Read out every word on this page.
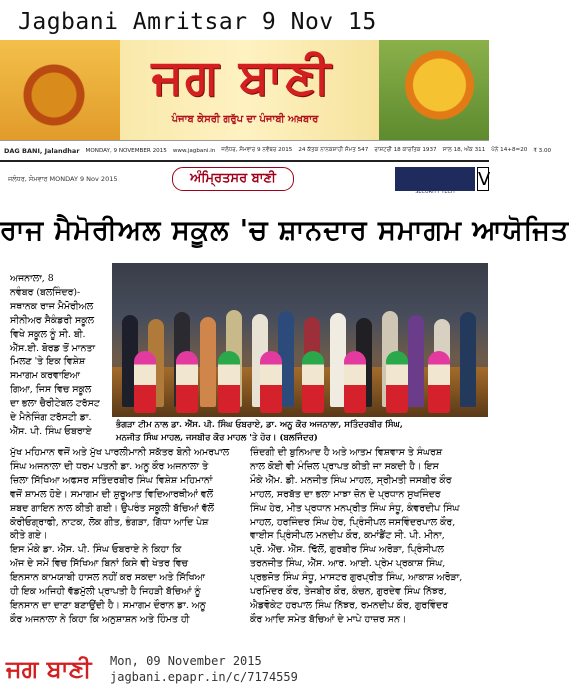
Jagbani Amritsar 9 Nov 15
ਜਗ ਬਾਣੀ
ਪੰਜਾਬ ਕੇਸਰੀ ਗਰੁੱਪ ਦਾ ਪੰਜਾਬੀ ਅਖ਼ਬਾਰ
DAG BANI, Jalandhar MONDAY, 9 NOVEMBER 2015 www.jagbani.in ਜਲੰਧਰ, ਸੋਮਵਾਰ 9 ਨਵੰਬਰ 2015 24 ਕੱਤਕ ਨਾਨਕਸ਼ਾਹੀ ਸੰਮਤ 547 ਰਾਸ਼ਟਰੀ 18 ਕਾਰਤਿਕ 1937 ਸਾਲ 18, ਅੰਕ 311 ਪੰਨੇ 14+8=20 ₹ 3.00
ਜਲੰਧਰ, ਸੋਮਵਾਰ MONDAY 9 Nov 2015	ਅੰਮ੍ਰਿਤਸਰ ਬਾਣੀ
SECURITY TECH
V
ਰਾਜ ਮੈਮੋਰੀਅਲ ਸਕੂਲ 'ਚ ਸ਼ਾਨਦਾਰ ਸਮਾਗਮ ਆਯੋਜਿਤ
ਅਜਨਾਲਾ, 8
ਨਵੰਬਰ (ਬਲਜਿੰਦਰ)-
ਸਥਾਨਕ ਰਾਜ ਮੈਮੋਰੀਅਲ
ਸੀਨੀਅਰ ਸੈਕੰਡਰੀ ਸਕੂਲ
ਵਿਖੇ ਸਕੂਲ ਨੂੰ ਸੀ. ਬੀ.
ਐੱਸ.ਈ. ਬੋਰਡ ਤੋਂ ਮਾਨਤਾ
ਮਿਲਣ 'ਤੇ ਇਕ ਵਿਸ਼ੇਸ਼
ਸਮਾਗਮ ਕਰਵਾਇਆ
ਗਿਆ, ਜਿਸ ਵਿਚ ਸਕੂਲ
ਦਾ ਭਲਾ ਚੈਰੀਟੇਬਲ ਟਰੱਸਟ
ਦੇ ਮੈਨੇਜਿੰਗ ਟਰੱਸਟੀ ਡਾ.
ਐੱਸ. ਪੀ. ਸਿੰਘ ਓਬਰਾਏ
ਭੰਗੜਾ ਟੀਮ ਨਾਲ ਡਾ. ਐੱਸ. ਪੀ. ਸਿੰਘ ਓਬਰਾਏ, ਡਾ. ਅਨੂ ਕੌਰ ਅਜਨਾਲਾ, ਸਤਿੰਦਰਬੀਰ ਸਿੰਘ,
ਮਨਜੀਤ ਸਿੰਘ ਮਾਹਲ, ਜਸਬੀਰ ਕੌਰ ਮਾਹਲ 'ਤੇ ਹੋਰ। (ਬਲਜਿੰਦਰ)
ਮੁੱਖ ਮਹਿਮਾਨ ਵਜੋਂ ਅਤੇ ਮੁੱਖ ਪਾਰਲੀਮਾਨੀ ਸਕੱਤਰ ਬੋਨੀ ਅਮਰਪਾਲ
ਸਿੰਘ ਅਜਨਾਲਾ ਦੀ ਧਰਮ ਪਤਨੀ ਡਾ. ਅਨੂ ਕੌਰ ਅਜਨਾਲਾ ਤੇ
ਜ਼ਿਲਾ ਸਿੱਖਿਆ ਅਫਸਰ ਸਤਿੰਦਰਬੀਰ ਸਿੰਘ ਵਿਸ਼ੇਸ਼ ਮਹਿਮਾਨਾਂ
ਵਜੋਂ ਸ਼ਾਮਲ ਹੋਏ। ਸਮਾਗਮ ਦੀ ਸ਼ੁਰੂਆਤ ਵਿਦਿਆਰਥੀਆਂ ਵਲੋਂ
ਸ਼ਬਦ ਗਾਇਨ ਨਾਲ ਕੀਤੀ ਗਈ। ਉਪਰੰਤ ਸਕੂਲੀ ਬੱਚਿਆਂ ਵੱਲੋਂ
ਕੋਰੀਓਗ੍ਰਾਫੀ, ਨਾਟਕ, ਲੋਕ ਗੀਤ, ਭੰਗੜਾ, ਗਿੱਧਾ ਆਦਿ ਪੇਸ਼
ਕੀਤੇ ਗਏ।
ਇਸ ਮੌਕੇ ਡਾ. ਐੱਸ. ਪੀ. ਸਿੰਘ ਓਬਰਾਏ ਨੇ ਕਿਹਾ ਕਿ
ਅੱਜ ਦੇ ਸਮੇਂ ਵਿਚ ਸਿੱਖਿਆ ਬਿਨਾਂ ਕਿਸੇ ਵੀ ਖੇਤਰ ਵਿਚ
ਇਨਸਾਨ ਕਾਮਯਾਬੀ ਹਾਸਲ ਨਹੀਂ ਕਰ ਸਕਦਾ ਅਤੇ ਸਿੱਖਿਆ
ਹੀ ਇਕ ਅਜਿਹੀ ਵੱਡਮੁੱਲੀ ਪ੍ਰਾਪਤੀ ਹੈ ਜਿਹੜੀ ਬੱਚਿਆਂ ਨੂੰ
ਇਨਸਾਨ ਦਾ ਦਾਣਾ ਬਣਾਉਂਦੀ ਹੈ। ਸਮਾਗਮ ਦੌਰਾਨ ਡਾ. ਅਨੂ
ਕੌਰ ਅਜਨਾਲਾ ਨੇ ਕਿਹਾ ਕਿ ਅਨੁਸ਼ਾਸ਼ਨ ਅਤੇ ਹਿੰਮਤ ਹੀ
ਜ਼ਿੰਦਗੀ ਦੀ ਬੁਨਿਆਦ ਹੈ ਅਤੇ ਆਤਮ ਵਿਸ਼ਵਾਸ ਤੇ ਸੰਘਰਸ਼
ਨਾਲ ਕੋਈ ਵੀ ਮੰਜ਼ਿਲ ਪ੍ਰਾਪਤ ਕੀਤੀ ਜਾ ਸਕਦੀ ਹੈ। ਇਸ
ਮੌਕੇ ਐੱਮ. ਡੀ. ਮਨਜੀਤ ਸਿੰਘ ਮਾਹਲ, ਸ੍ਰੀਮਤੀ ਜਸਬੀਰ ਕੌਰ
ਮਾਹਲ, ਸਰਬੱਤ ਦਾ ਭਲਾ ਮਾਝਾ ਜ਼ੋਨ ਦੇ ਪ੍ਰਧਾਨ ਸੁਖਜਿੰਦਰ
ਸਿੰਘ ਹੇਰ, ਮੀਤ ਪ੍ਰਧਾਨ ਮਨਪ੍ਰੀਤ ਸਿੰਘ ਸੰਧੂ, ਕੰਵਰਦੀਪ ਸਿੰਘ
ਮਾਹਲ, ਹਰਜਿੰਦਰ ਸਿੰਘ ਹੇਰ, ਪ੍ਰਿੰਸੀਪਲ ਜਸਵਿੰਦਰਪਾਲ ਕੌਰ,
ਵਾਈਸ ਪ੍ਰਿੰਸੀਪਲ ਮਨਦੀਪ ਕੌਰ, ਕਮਾਂਡੈਂਟ ਸੀ. ਪੀ. ਮੀਨਾ,
ਪ੍ਰੋ. ਐੱਚ. ਐੱਸ. ਢਿੱਲੋਂ, ਗੁਰਬੀਰ ਸਿੰਘ ਅਰੋੜਾ, ਪ੍ਰਿੰਸੀਪਲ
ਤਰਨਜੀਤ ਸਿੰਘ, ਐੱਸ. ਆਰ. ਆਈ. ਪ੍ਰੇਮ ਪ੍ਰਕਾਸ਼ ਸਿੰਘ,
ਪ੍ਰਭਜੋਤ ਸਿੰਘ ਸੰਧੂ, ਮਾਸਟਰ ਗੁਰਪ੍ਰੀਤ ਸਿੰਘ, ਆਕਾਸ਼ ਅਰੋੜਾ,
ਪਰਮਿੰਦਰ ਕੌਰ, ਤੇਜਬੀਰ ਕੌਰ, ਕੰਚਨ, ਗੁਰਦੇਵ ਸਿੰਘ ਨਿੱਝਰ,
ਐਡਵੋਕੇਟ ਹਰਪਾਲ ਸਿੰਘ ਨਿੱਝਰ, ਰਮਨਦੀਪ ਕੌਰ, ਗੁਰਵਿੰਦਰ
ਕੌਰ ਆਦਿ ਸਮੇਤ ਬੱਚਿਆਂ ਦੇ ਮਾਪੇ ਹਾਜ਼ਰ ਸਨ।
ਜਗ ਬਾਣੀ	Mon, 09 November 2015
jagbani.epapr.in/c/7174559
